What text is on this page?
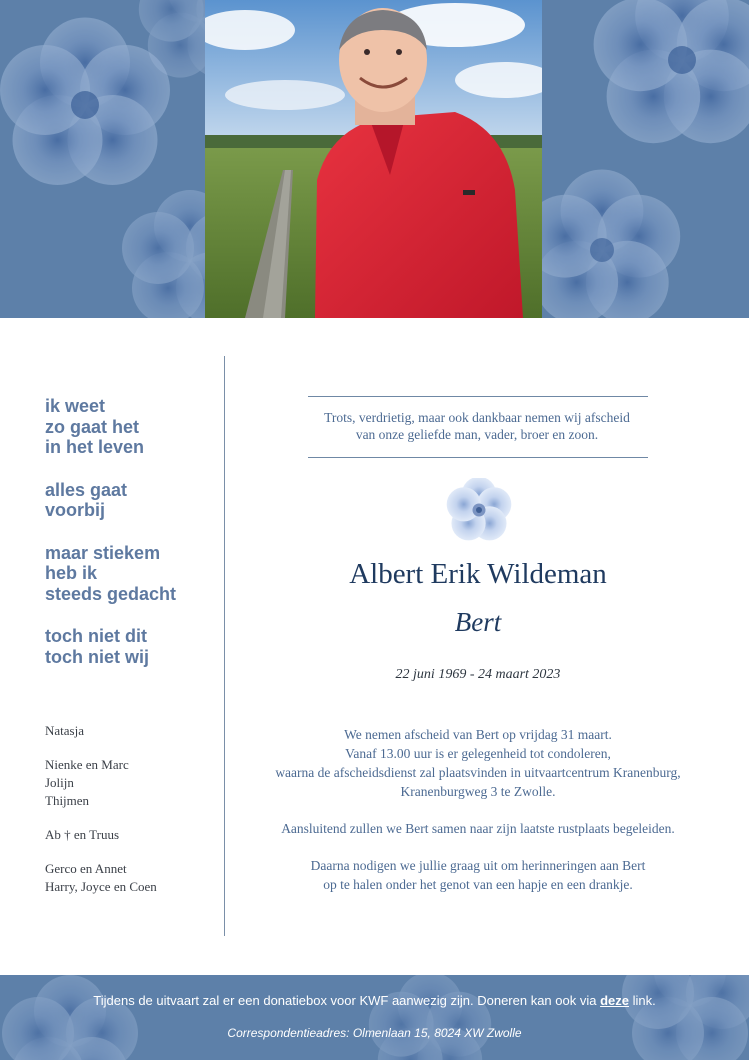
ik weet
zo gaat het
in het leven
alles gaat
voorbij
maar stiekem
heb ik
steeds gedacht
toch niet dit
toch niet wij
Natasja
Nienke en Marc
Jolijn
Thijmen
Ab † en Truus
Gerco en Annet
Harry, Joyce en Coen
Trots, verdrietig, maar ook dankbaar nemen wij afscheid
van onze geliefde man, vader, broer en zoon.
Albert Erik Wildeman
Bert
22 juni 1969 - 24 maart 2023
We nemen afscheid van Bert op vrijdag 31 maart.
Vanaf 13.00 uur is er gelegenheid tot condoleren,
waarna de afscheidsdienst zal plaatsvinden in uitvaartcentrum Kranenburg,
Kranenburgweg 3 te Zwolle.
Aansluitend zullen we Bert samen naar zijn laatste rustplaats begeleiden.
Daarna nodigen we jullie graag uit om herinneringen aan Bert
op te halen onder het genot van een hapje en een drankje.
Tijdens de uitvaart zal er een donatiebox voor KWF aanwezig zijn. Doneren kan ook via deze link.
Correspondentieadres: Olmenlaan 15, 8024 XW Zwolle
